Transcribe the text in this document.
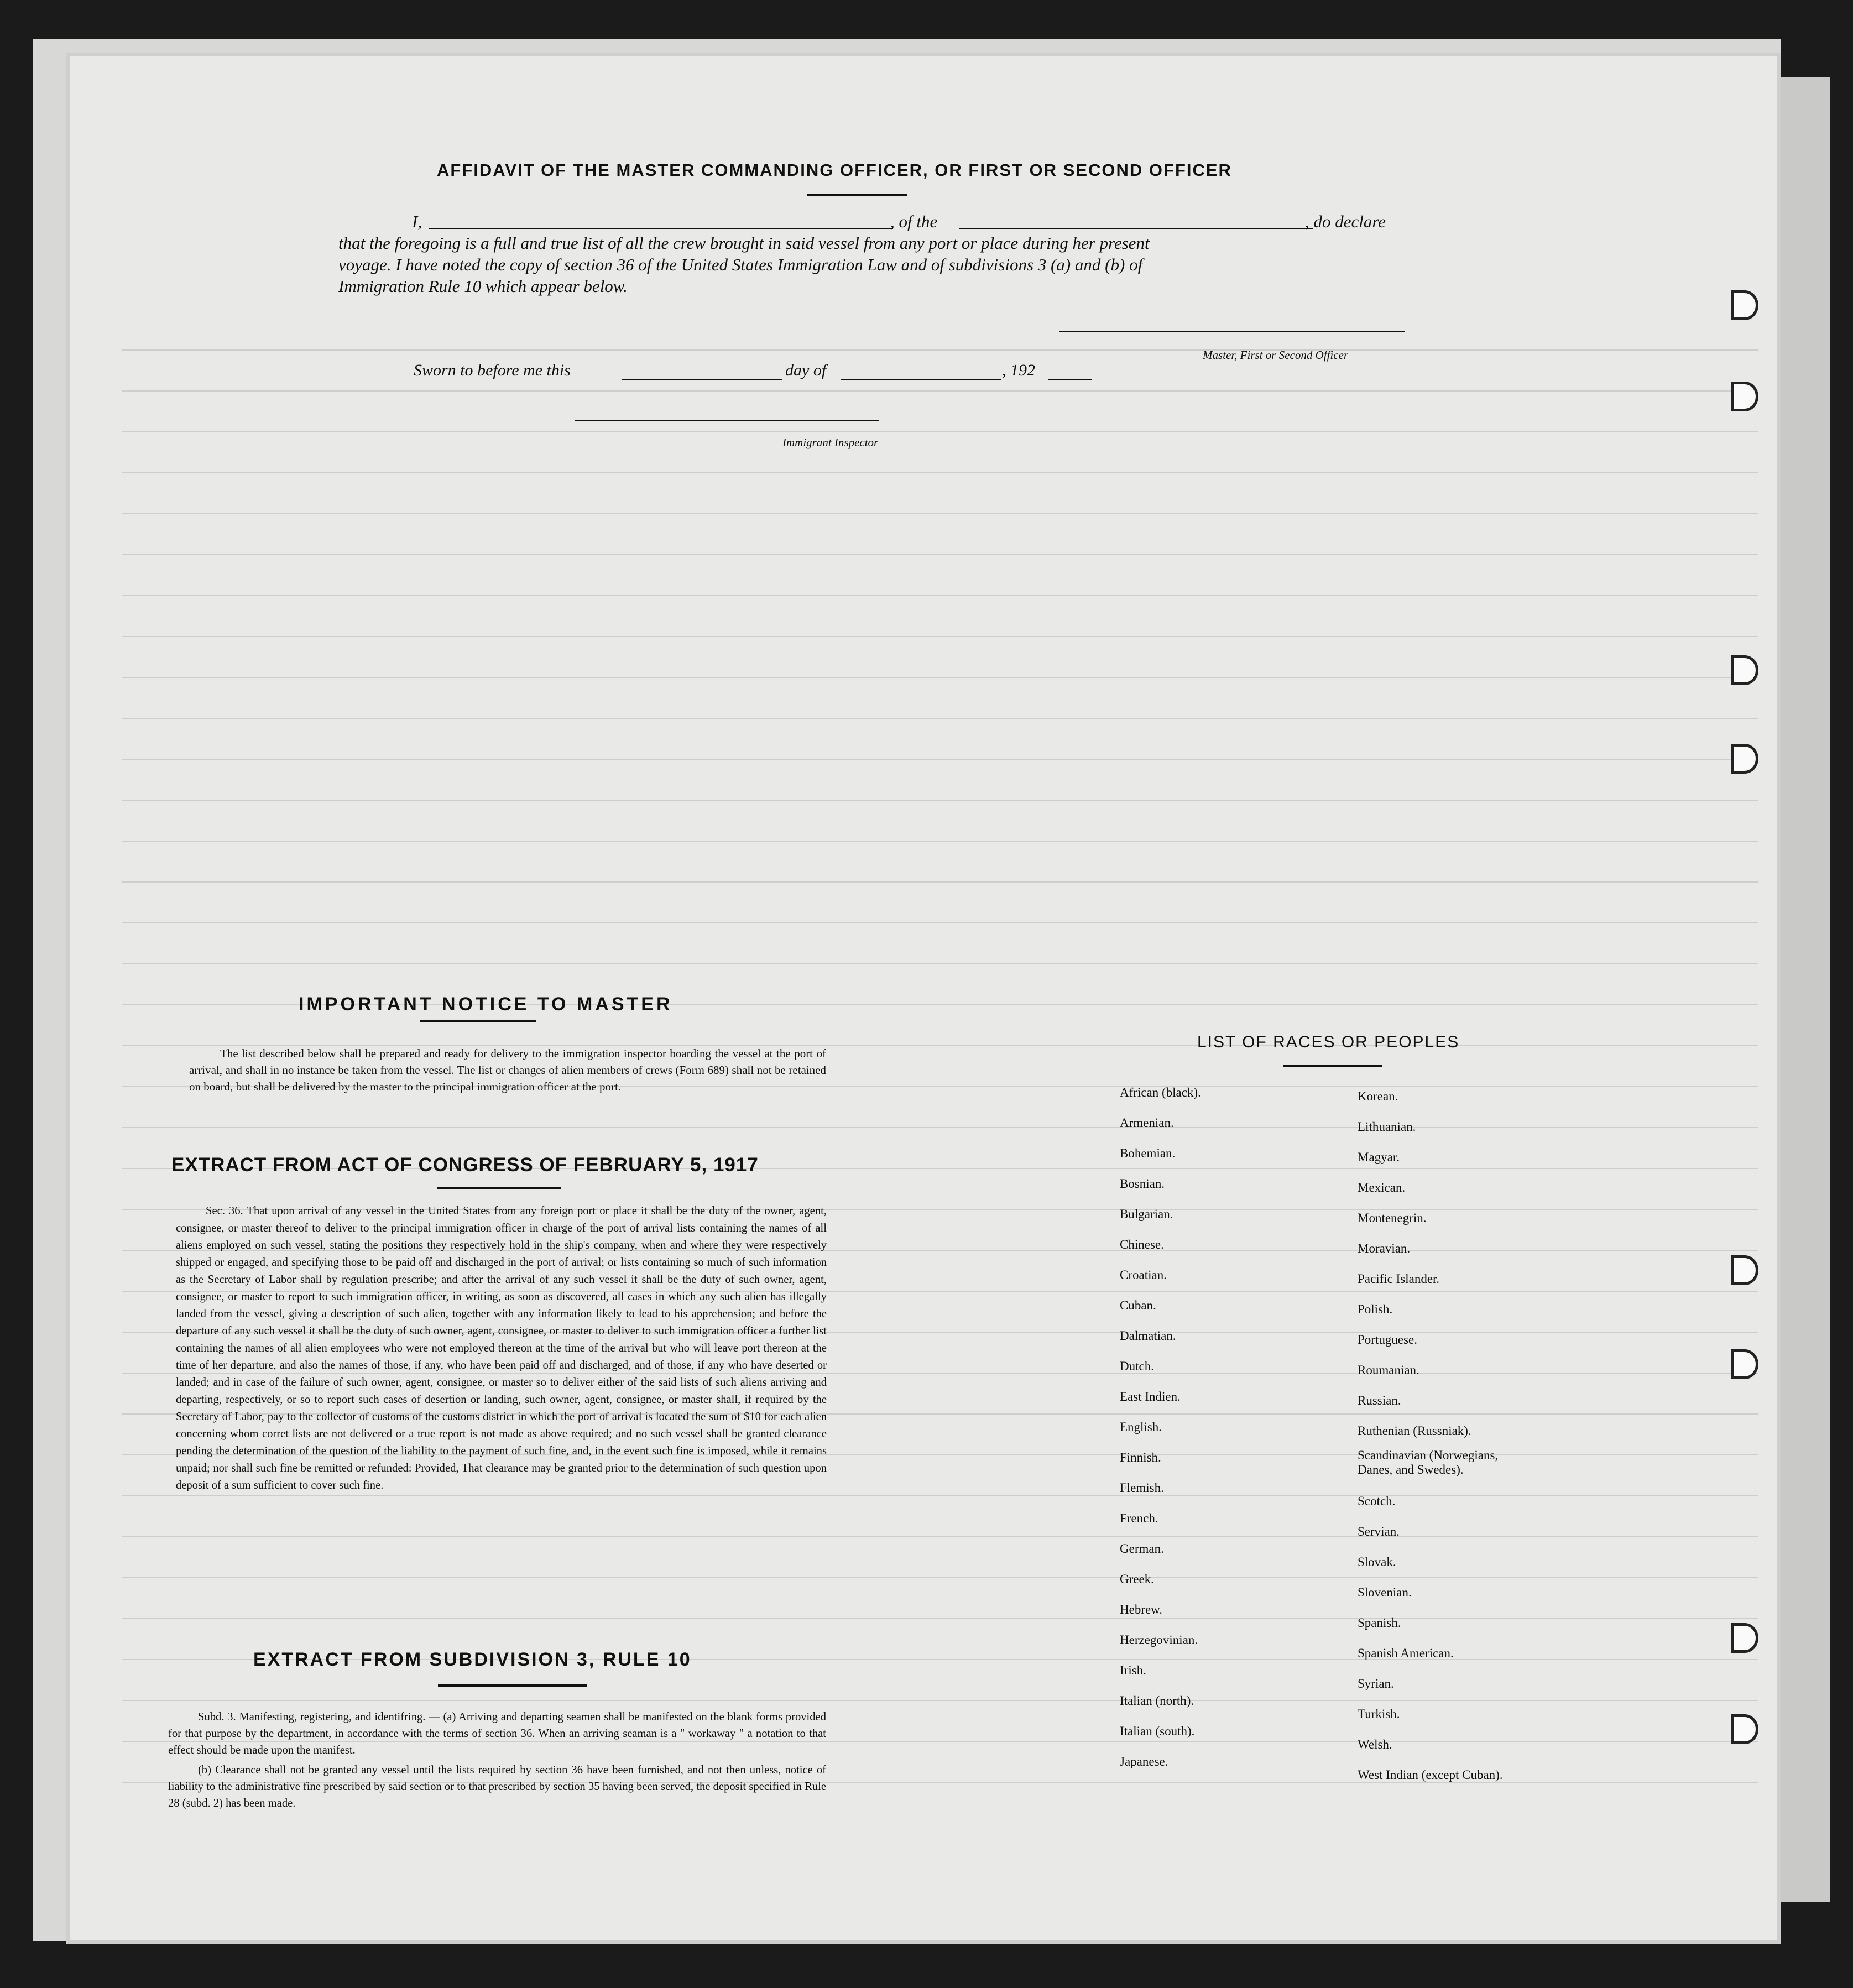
AFFIDAVIT OF THE MASTER COMMANDING OFFICER, OR FIRST OR SECOND OFFICER
I,	, of the	, do declare
that the foregoing is a full and true list of all the crew brought in said vessel from any port or place during her present
voyage. I have noted the copy of section 36 of the United States Immigration Law and of subdivisions 3 (a) and (b) of
Immigration Rule 10 which appear below.
Master, First or Second Officer
Sworn to before me this	day of	, 192
Immigrant Inspector
IMPORTANT NOTICE TO MASTER

The list described below shall be prepared and ready for delivery to the immigration inspector boarding the vessel at the port of arrival, and shall in no instance be taken from the vessel. The list or changes of alien members of crews (Form 689) shall not be retained on board, but shall be delivered by the master to the principal immigration officer at the port.

EXTRACT FROM ACT OF CONGRESS OF FEBRUARY 5, 1917

Sec. 36. That upon arrival of any vessel in the United States from any foreign port or place it shall be the duty of the owner, agent, consignee, or master thereof to deliver to the principal immigration officer in charge of the port of arrival lists containing the names of all aliens employed on such vessel, stating the positions they respectively hold in the ship's company, when and where they were respectively shipped or engaged, and specifying those to be paid off and discharged in the port of arrival; or lists containing so much of such information as the Secretary of Labor shall by regulation prescribe; and after the arrival of any such vessel it shall be the duty of such owner, agent, consignee, or master to report to such immigration officer, in writing, as soon as discovered, all cases in which any such alien has illegally landed from the vessel, giving a description of such alien, together with any information likely to lead to his apprehension; and before the departure of any such vessel it shall be the duty of such owner, agent, consignee, or master to deliver to such immigration officer a further list containing the names of all alien employees who were not employed thereon at the time of the arrival but who will leave port thereon at the time of her departure, and also the names of those, if any, who have been paid off and discharged, and of those, if any who have deserted or landed; and in case of the failure of such owner, agent, consignee, or master so to deliver either of the said lists of such aliens arriving and departing, respectively, or so to report such cases of desertion or landing, such owner, agent, consignee, or master shall, if required by the Secretary of Labor, pay to the collector of customs of the customs district in which the port of arrival is located the sum of $10 for each alien concerning whom corret lists are not delivered or a true report is not made as above required; and no such vessel shall be granted clearance pending the determination of the question of the liability to the payment of such fine, and, in the event such fine is imposed, while it remains unpaid; nor shall such fine be remitted or refunded: Provided, That clearance may be granted prior to the determination of such question upon deposit of a sum sufficient to cover such fine.

EXTRACT FROM SUBDIVISION 3, RULE 10

Subd. 3. Manifesting, registering, and identifring. — (a) Arriving and departing seamen shall be manifested on the blank forms provided for that purpose by the department, in accordance with the terms of section 36. When an arriving seaman is a " workaway " a notation to that effect should be made upon the manifest.

(b) Clearance shall not be granted any vessel until the lists required by section 36 have been furnished, and not then unless, notice of liability to the administrative fine prescribed by said section or to that prescribed by section 35 having been served, the deposit specified in Rule 28 (subd. 2) has been made.

LIST OF RACES OR PEOPLES
African (black).
Armenian.
Bohemian.
Bosnian.
Bulgarian.
Chinese.
Croatian.
Cuban.
Dalmatian.
Dutch.
East Indien.
English.
Finnish.
Flemish.
French.
German.
Greek.
Hebrew.
Herzegovinian.
Irish.
Italian (north).
Italian (south).
Japanese.
Korean.
Lithuanian.
Magyar.
Mexican.
Montenegrin.
Moravian.
Pacific Islander.
Polish.
Portuguese.
Roumanian.
Russian.
Ruthenian (Russniak).
Scandinavian (Norwegians, Danes, and Swedes).
Scotch.
Servian.
Slovak.
Slovenian.
Spanish.
Spanish American.
Syrian.
Turkish.
Welsh.
West Indian (except Cuban).
